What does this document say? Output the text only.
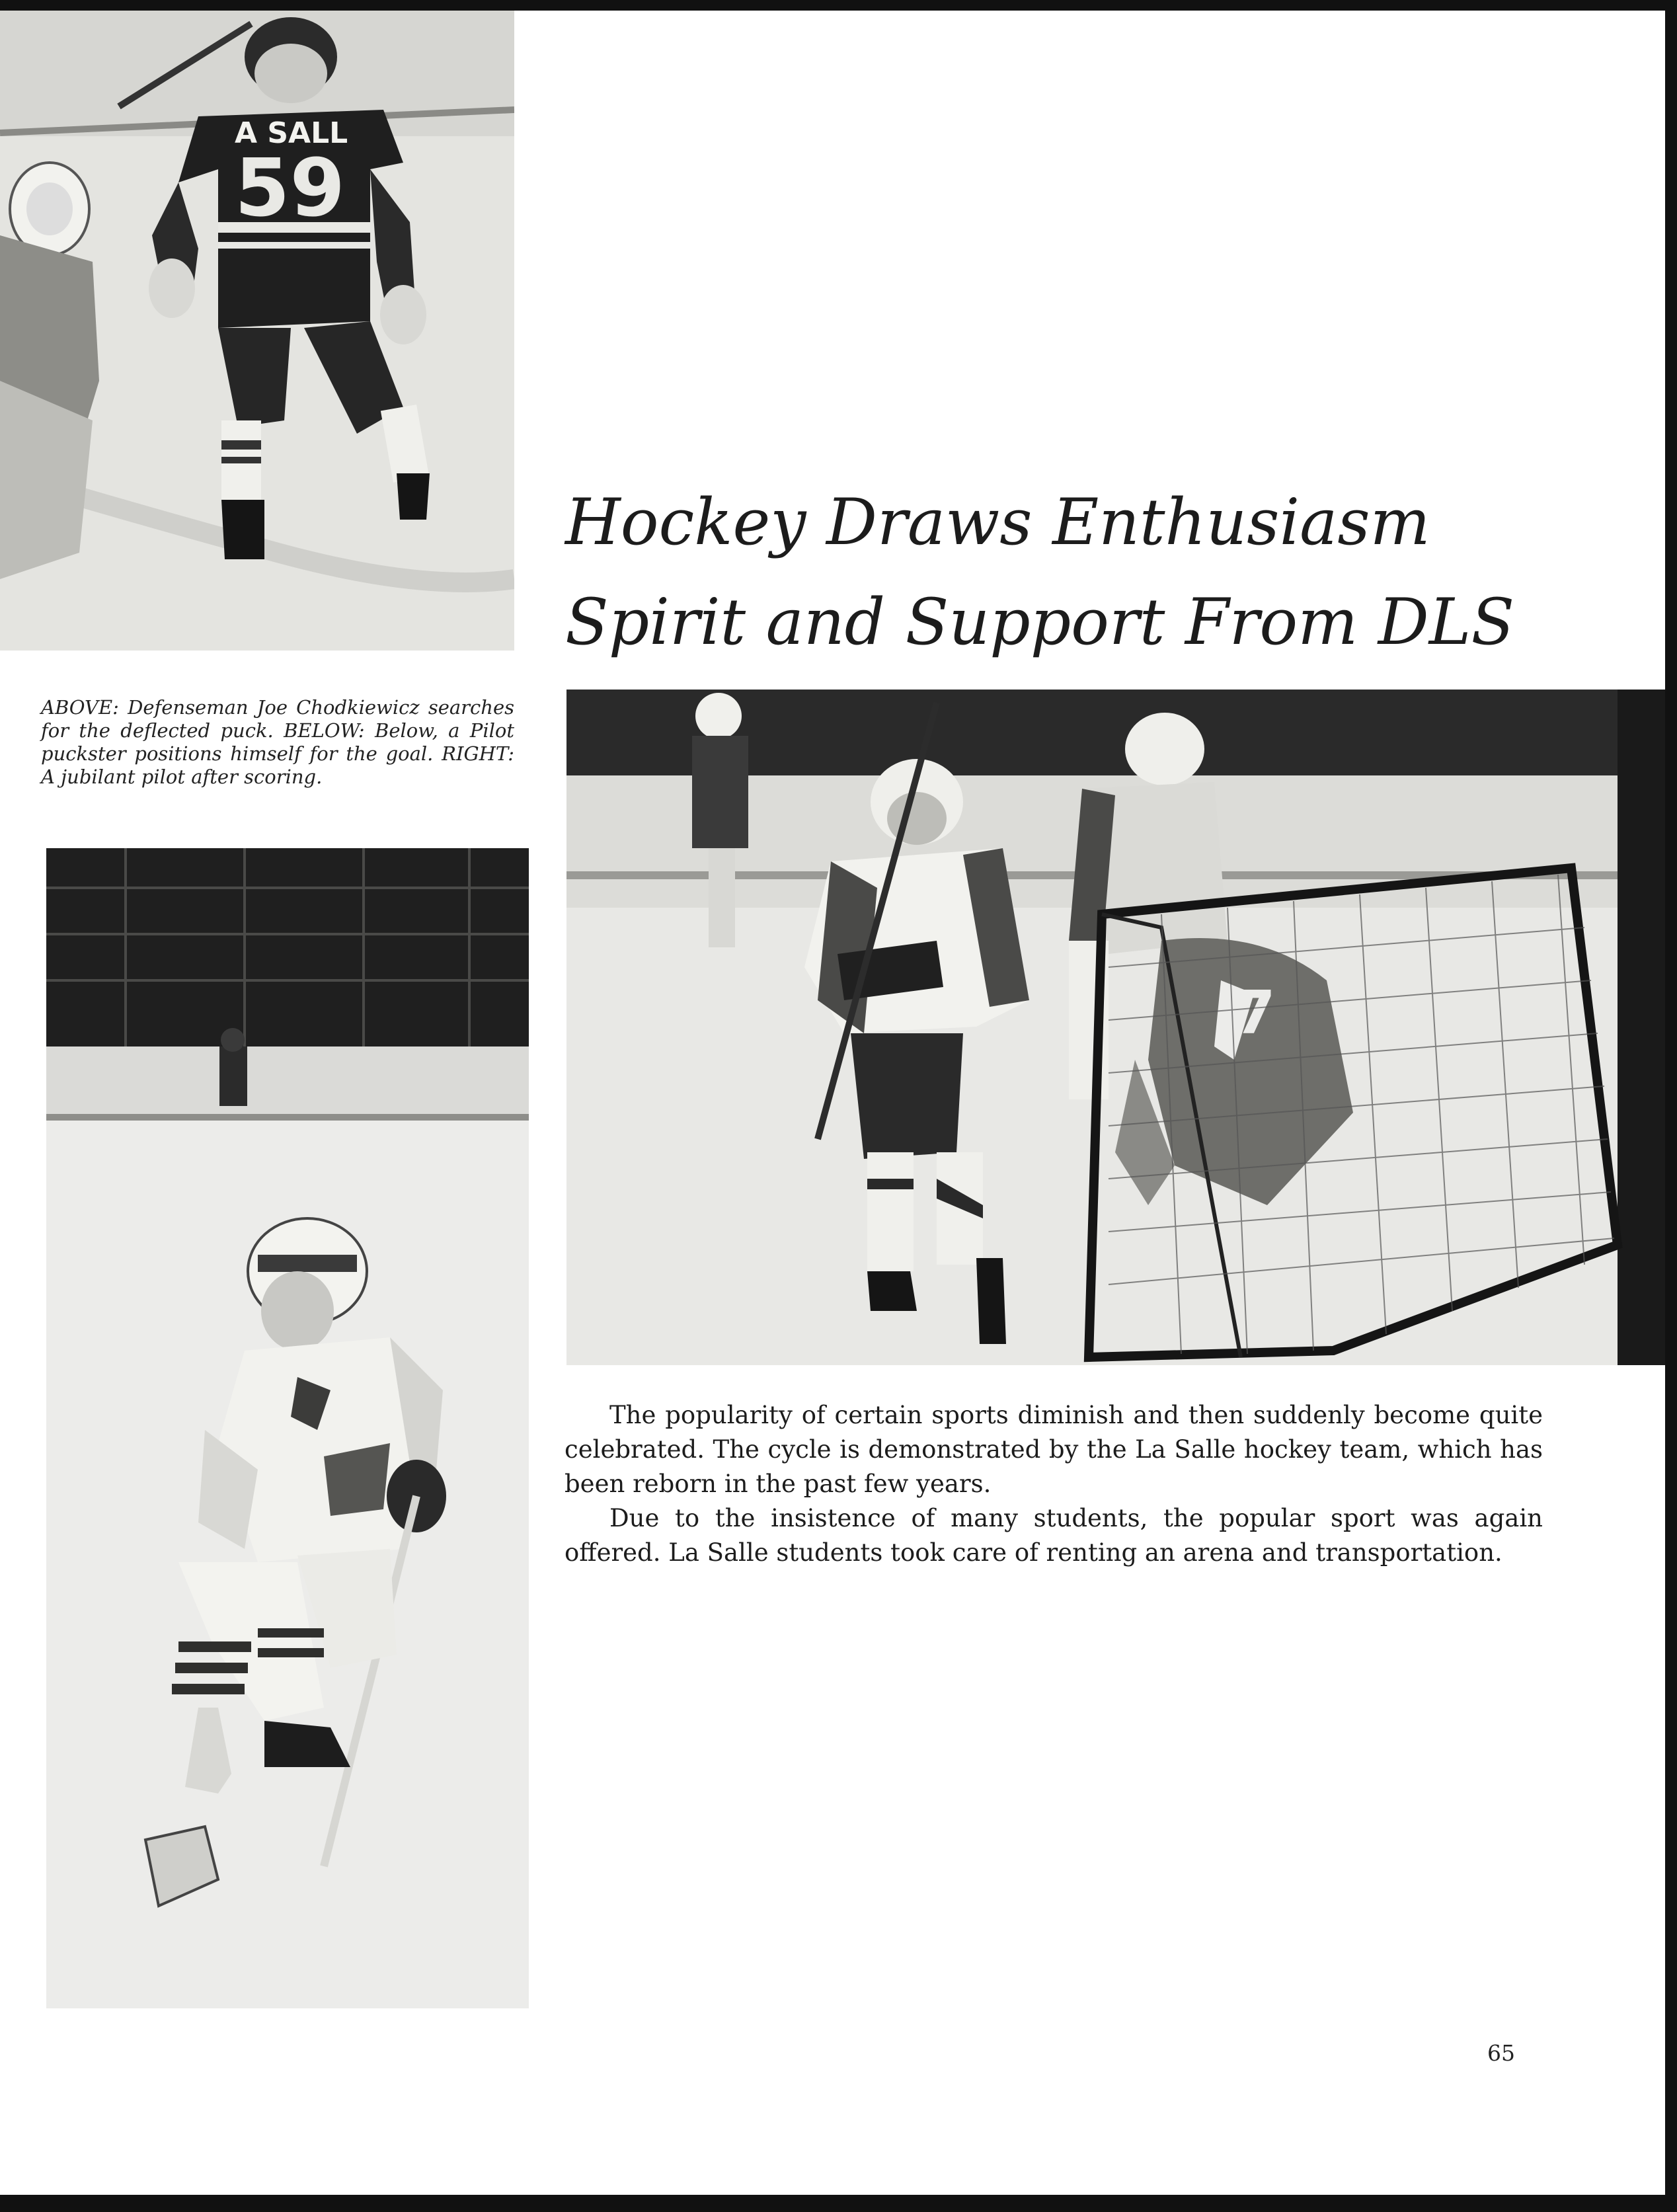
A SALL
59
ABOVE: Defenseman Joe Chodkiewicz searches for the deflected puck. BELOW: Below, a Pilot puckster positions himself for the goal. RIGHT: A jubilant pilot after scoring.
Hockey Draws Enthusiasm
Spirit and Support From DLS
7

The popularity of certain sports diminish and then suddenly become quite celebrated. The cycle is demonstrated by the La Salle hockey team, which has been reborn in the past few years.

Due to the insistence of many students, the popular sport was again offered. La Salle students took care of renting an arena and transportation.

65
